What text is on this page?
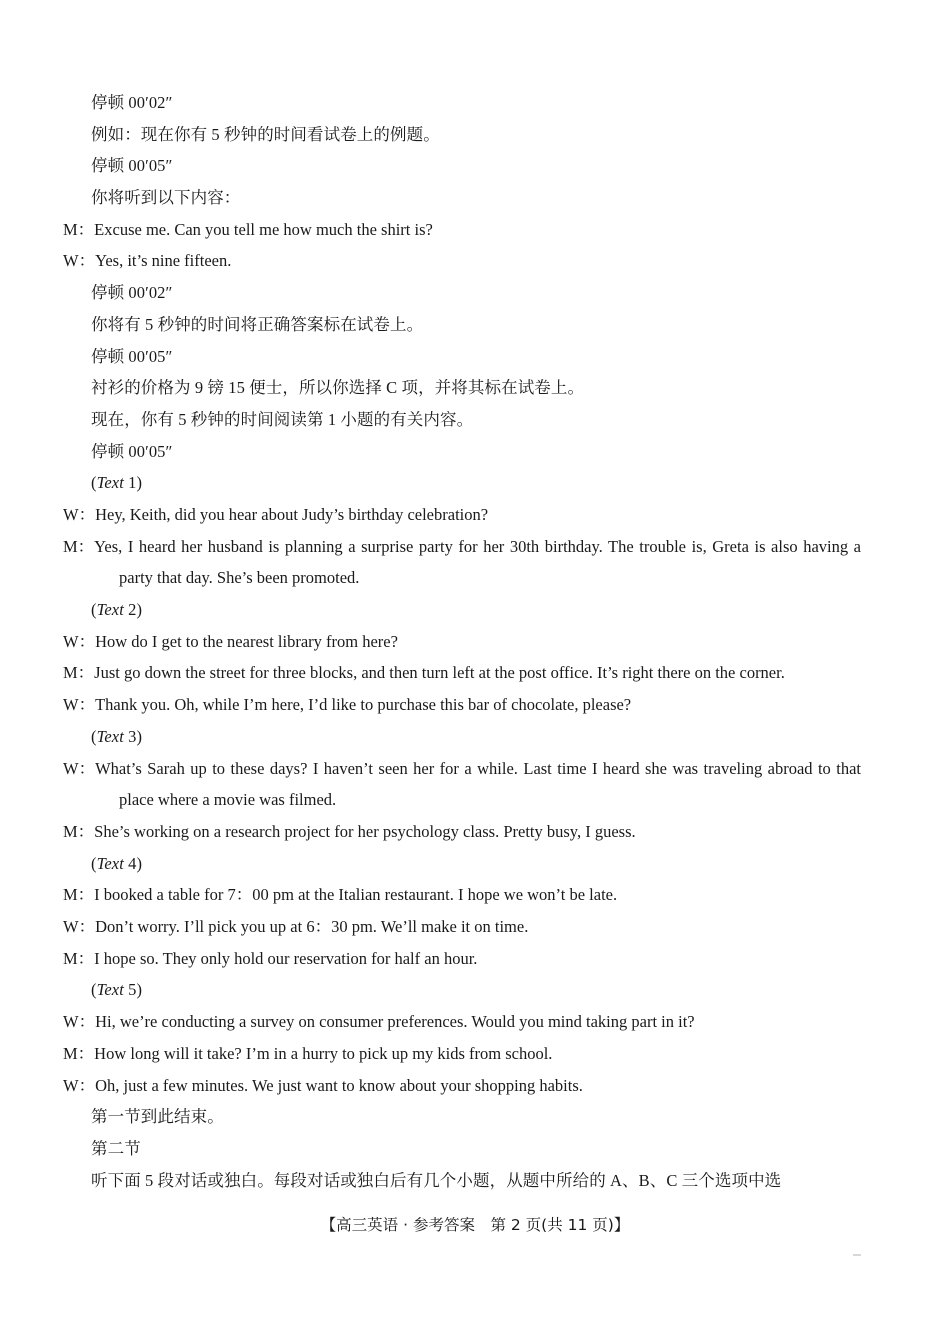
停顿 00′02″
例如：现在你有 5 秒钟的时间看试卷上的例题。
停顿 00′05″
你将听到以下内容：
M：Excuse me. Can you tell me how much the shirt is?
W：Yes, it’s nine fifteen.
停顿 00′02″
你将有 5 秒钟的时间将正确答案标在试卷上。
停顿 00′05″
衬衫的价格为 9 镑 15 便士，所以你选择 C 项，并将其标在试卷上。
现在，你有 5 秒钟的时间阅读第 1 小题的有关内容。
停顿 00′05″
(Text 1)
W：Hey, Keith, did you hear about Judy’s birthday celebration?
M：Yes, I heard her husband is planning a surprise party for her 30th birthday. The trouble is, Greta is also having a party that day. She’s been promoted.
(Text 2)
W：How do I get to the nearest library from here?
M：Just go down the street for three blocks, and then turn left at the post office. It’s right there on the corner.
W：Thank you. Oh, while I’m here, I’d like to purchase this bar of chocolate, please?
(Text 3)
W：What’s Sarah up to these days? I haven’t seen her for a while. Last time I heard she was traveling abroad to that place where a movie was filmed.
M：She’s working on a research project for her psychology class. Pretty busy, I guess.
(Text 4)
M：I booked a table for 7：00 pm at the Italian restaurant. I hope we won’t be late.
W：Don’t worry. I’ll pick you up at 6：30 pm. We’ll make it on time.
M：I hope so. They only hold our reservation for half an hour.
(Text 5)
W：Hi, we’re conducting a survey on consumer preferences. Would you mind taking part in it?
M：How long will it take? I’m in a hurry to pick up my kids from school.
W：Oh, just a few minutes. We just want to know about your shopping habits.
第一节到此结束。
第二节
听下面 5 段对话或独白。每段对话或独白后有几个小题，从题中所给的 A、B、C 三个选项中选
【高三英语 · 参考答案　第 2 页(共 11 页)】
